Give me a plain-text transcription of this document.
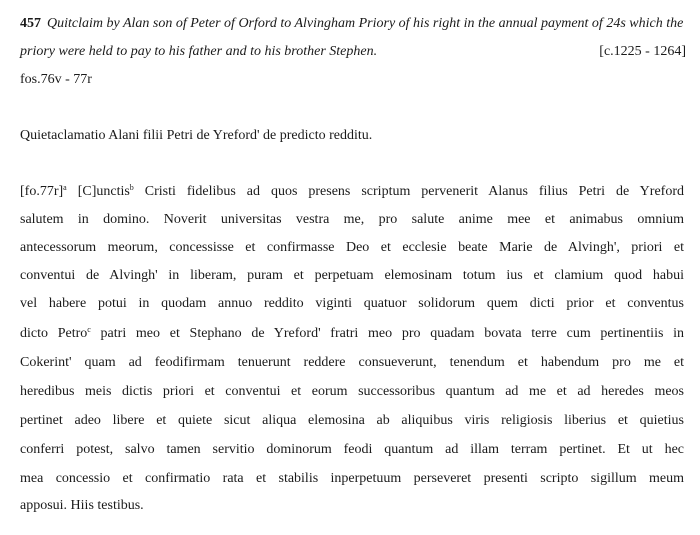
457 Quitclaim by Alan son of Peter of Orford to Alvingham Priory of his right in the annual payment of 24s which the
priory were held to pay to his father and to his brother Stephen.	[c.1225 - 1264]
fos.76v - 77r
Quietaclamatio Alani filii Petri de Yreford' de predicto redditu.
$[fo.77r]^a$ [C]unctis$^b$ Cristi fidelibus ad quos presens scriptum pervenerit Alanus filius Petri de Yreford
salutem in domino. Noverit universitas vestra me, pro salute anime mee et animabus omnium
antecessorum meorum, concessisse et confirmasse Deo et ecclesie beate Marie de Alvingh', priori et
conventui de Alvingh' in liberam, puram et perpetuam elemosinam totum ius et clamium quod habui
vel habere potui in quodam annuo reddito viginti quatuor solidorum quem dicti prior et conventus
dicto Petro$^c$ patri meo et Stephano de Yreford' fratri meo pro quadam bovata terre cum pertinentiis in
Cokerint' quam ad feodifirmam tenuerunt reddere consueverunt, tenendum et habendum pro me et
heredibus meis dictis priori et conventui et eorum successoribus quantum ad me et ad heredes meos
pertinet adeo libere et quiete sicut aliqua elemosina ab aliquibus viris religiosis liberius et quietius
conferri potest, salvo tamen servitio dominorum feodi quantum ad illam terram pertinet. Et ut hec
mea concessio et confirmatio rata et stabilis inperpetuum perseveret presenti scripto sigillum meum
apposui. Hiis testibus.
